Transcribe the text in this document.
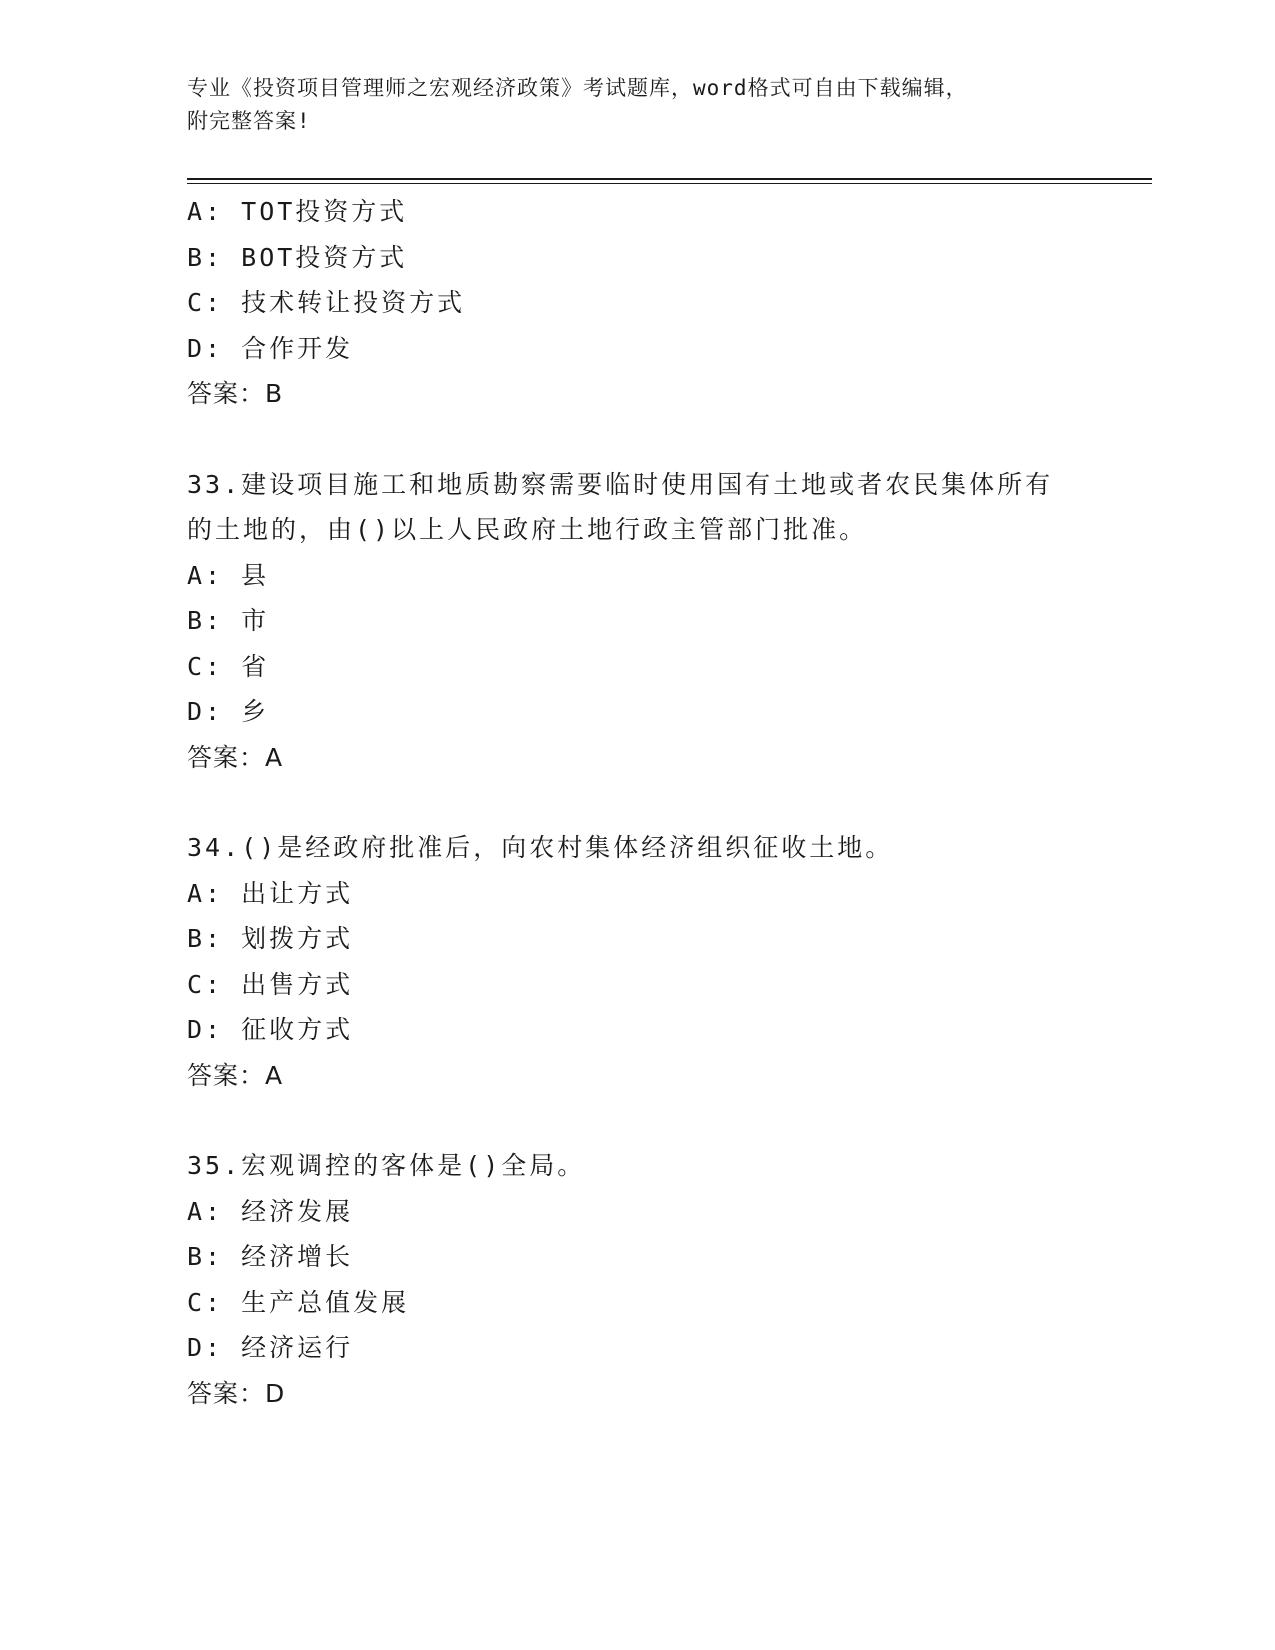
专业《投资项目管理师之宏观经济政策》考试题库，word格式可自由下载编辑，
附完整答案!
A: TOT投资方式
B: BOT投资方式
C: 技术转让投资方式
D: 合作开发
答案：B
33.建设项目施工和地质勘察需要临时使用国有土地或者农民集体所有
的土地的，由()以上人民政府土地行政主管部门批准。
A: 县
B: 市
C: 省
D: 乡
答案：A
34.()是经政府批准后，向农村集体经济组织征收土地。
A: 出让方式
B: 划拨方式
C: 出售方式
D: 征收方式
答案：A
35.宏观调控的客体是()全局。
A: 经济发展
B: 经济增长
C: 生产总值发展
D: 经济运行
答案：D
